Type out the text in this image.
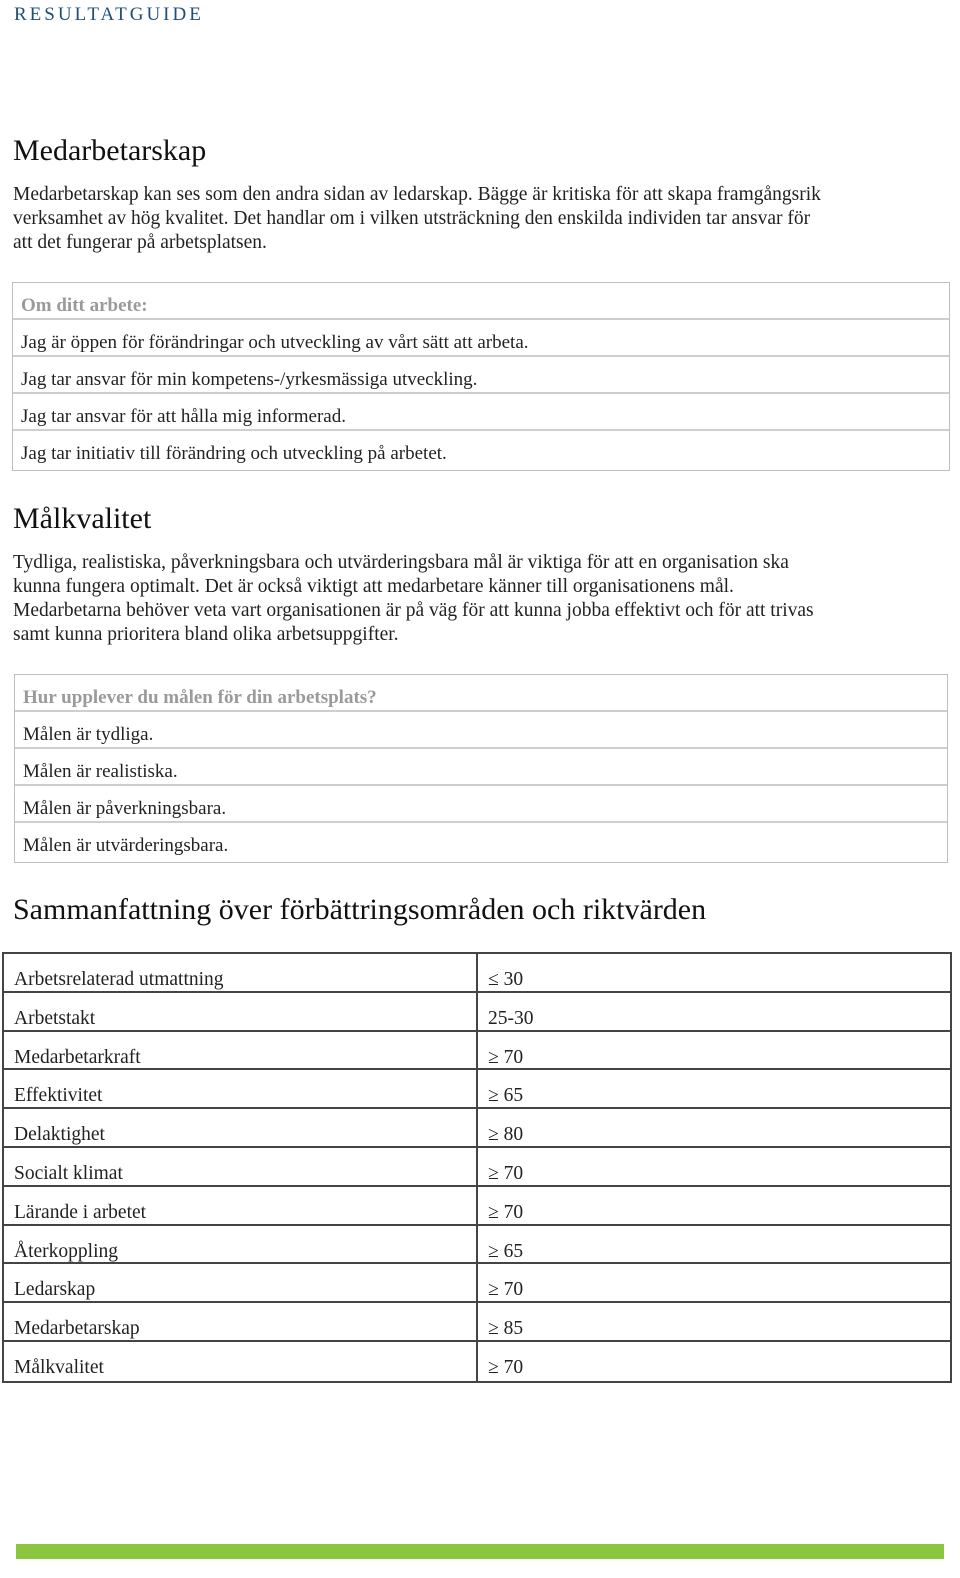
RESULTATGUIDE
Medarbetarskap
Medarbetarskap kan ses som den andra sidan av ledarskap. Bägge är kritiska för att skapa framgångsrik
verksamhet av hög kvalitet. Det handlar om i vilken utsträckning den enskilda individen tar ansvar för
att det fungerar på arbetsplatsen.
Om ditt arbete:
Jag är öppen för förändringar och utveckling av vårt sätt att arbeta.
Jag tar ansvar för min kompetens-/yrkesmässiga utveckling.
Jag tar ansvar för att hålla mig informerad.
Jag tar initiativ till förändring och utveckling på arbetet.
Målkvalitet
Tydliga, realistiska, påverkningsbara och utvärderingsbara mål är viktiga för att en organisation ska
kunna fungera optimalt. Det är också viktigt att medarbetare känner till organisationens mål.
Medarbetarna behöver veta vart organisationen är på väg för att kunna jobba effektivt och för att trivas
samt kunna prioritera bland olika arbetsuppgifter.
Hur upplever du målen för din arbetsplats?
Målen är tydliga.
Målen är realistiska.
Målen är påverkningsbara.
Målen är utvärderingsbara.
Sammanfattning över förbättringsområden och riktvärden
Arbetsrelaterad utmattning	≤ 30
Arbetstakt	25-30
Medarbetarkraft	≥ 70
Effektivitet	≥ 65
Delaktighet	≥ 80
Socialt klimat	≥ 70
Lärande i arbetet	≥ 70
Återkoppling	≥ 65
Ledarskap	≥ 70
Medarbetarskap	≥ 85
Målkvalitet	≥ 70
